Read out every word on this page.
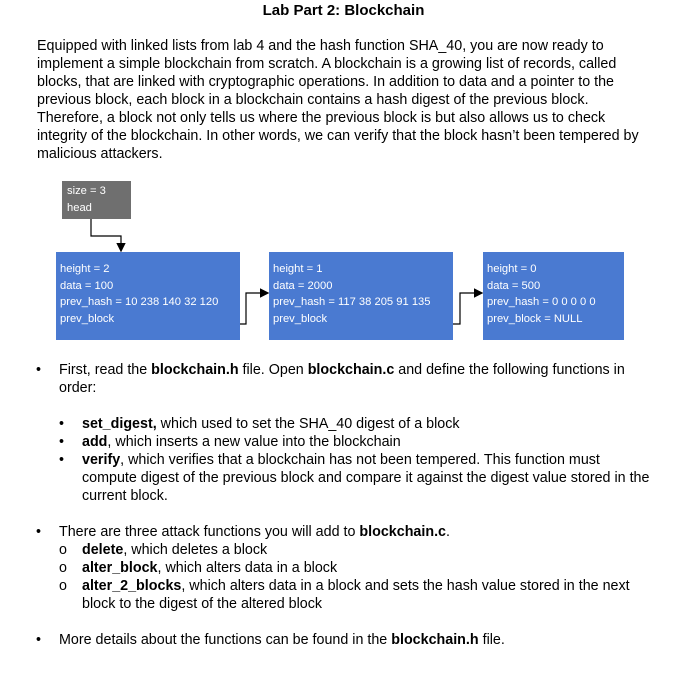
Lab Part 2: Blockchain
Equipped with linked lists from lab 4 and the hash function SHA_40, you are now ready to implement a simple blockchain from scratch. A blockchain is a growing list of records, called blocks, that are linked with cryptographic operations. In addition to data and a pointer to the previous block, each block in a blockchain contains a hash digest of the previous block. Therefore, a block not only tells us where the previous block is but also allows us to check integrity of the blockchain. In other words, we can verify that the block hasn’t been tempered by malicious attackers.
size = 3
head
height = 2
data = 100
prev_hash = 10 238 140 32 120
prev_block
height = 1
data = 2000
prev_hash = 117 38 205 91 135
prev_block
height = 0
data = 500
prev_hash = 0 0 0 0 0
prev_block = NULL
• First, read the blockchain.h file. Open blockchain.c and define the following functions in order:
• set_digest, which used to set the SHA_40 digest of a block
• add, which inserts a new value into the blockchain
• verify, which verifies that a blockchain has not been tempered. This function must compute digest of the previous block and compare it against the digest value stored in the current block.
• There are three attack functions you will add to blockchain.c.
o delete, which deletes a block
o alter_block, which alters data in a block
o alter_2_blocks, which alters data in a block and sets the hash value stored in the next block to the digest of the altered block
• More details about the functions can be found in the blockchain.h file.
